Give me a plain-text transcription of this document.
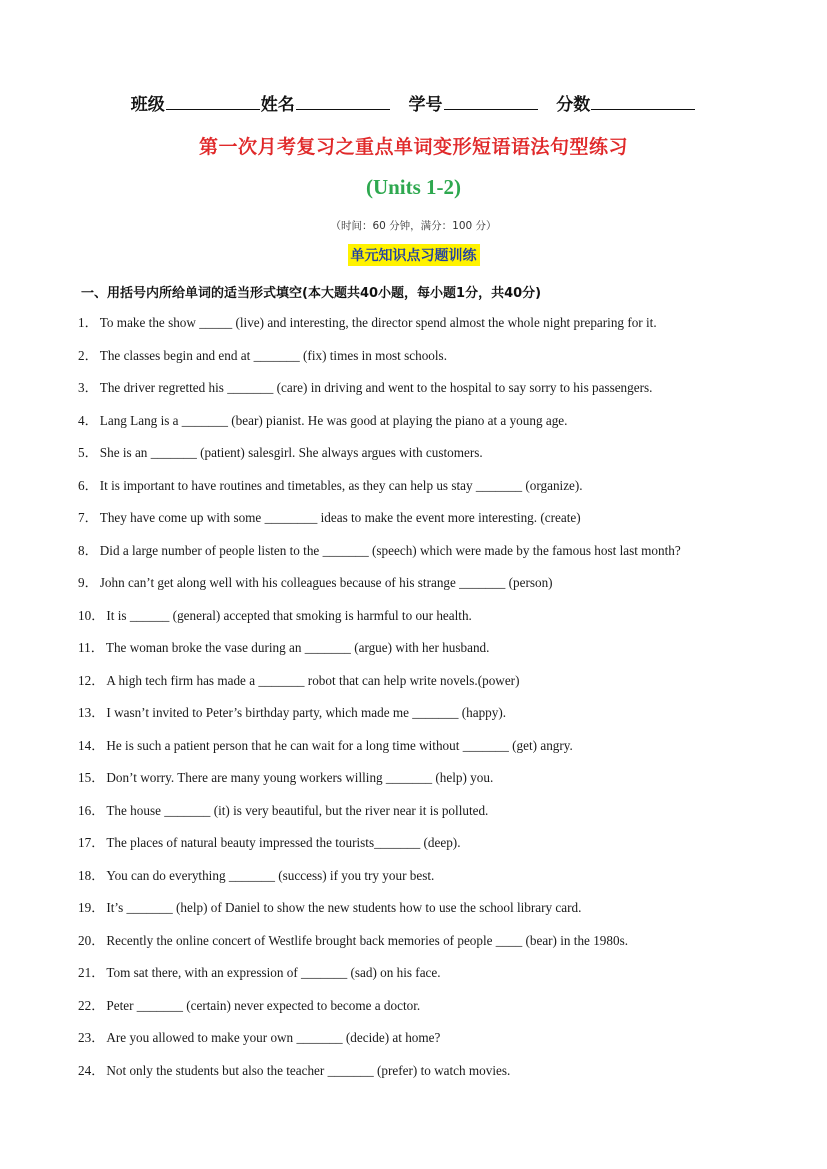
班级	姓名	学号	分数
第一次月考复习之重点单词变形短语语法句型练习
(Units 1-2)
（时间：60 分钟，满分：100 分）
单元知识点习题训练
一、用括号内所给单词的适当形式填空(本大题共40小题，每小题1分，共40分)
1． To make the show _____ (live) and interesting, the director spend almost the whole night preparing for it.
2． The classes begin and end at _______ (fix) times in most schools.
3． The driver regretted his _______ (care) in driving and went to the hospital to say sorry to his passengers.
4． Lang Lang is a _______ (bear) pianist. He was good at playing the piano at a young age.
5． She is an _______ (patient) salesgirl. She always argues with customers.
6． It is important to have routines and timetables, as they can help us stay _______ (organize).
7． They have come up with some ________ ideas to make the event more interesting. (create)
8． Did a large number of people listen to the _______ (speech) which were made by the famous host last month?
9． John can’t get along well with his colleagues because of his strange _______ (person)
10． It is ______ (general) accepted that smoking is harmful to our health.
11． The woman broke the vase during an _______ (argue) with her husband.
12． A high tech firm has made a _______ robot that can help write novels.(power)
13． I wasn’t invited to Peter’s birthday party, which made me _______ (happy).
14． He is such a patient person that he can wait for a long time without _______ (get) angry.
15． Don’t worry. There are many young workers willing _______ (help) you.
16． The house _______ (it) is very beautiful, but the river near it is polluted.
17． The places of natural beauty impressed the tourists_______ (deep).
18． You can do everything _______ (success) if you try your best.
19． It’s _______ (help) of Daniel to show the new students how to use the school library card.
20． Recently the online concert of Westlife brought back memories of people ____ (bear) in the 1980s.
21． Tom sat there, with an expression of _______ (sad) on his face.
22． Peter _______ (certain) never expected to become a doctor.
23． Are you allowed to make your own _______ (decide) at home?
24． Not only the students but also the teacher _______ (prefer) to watch movies.
